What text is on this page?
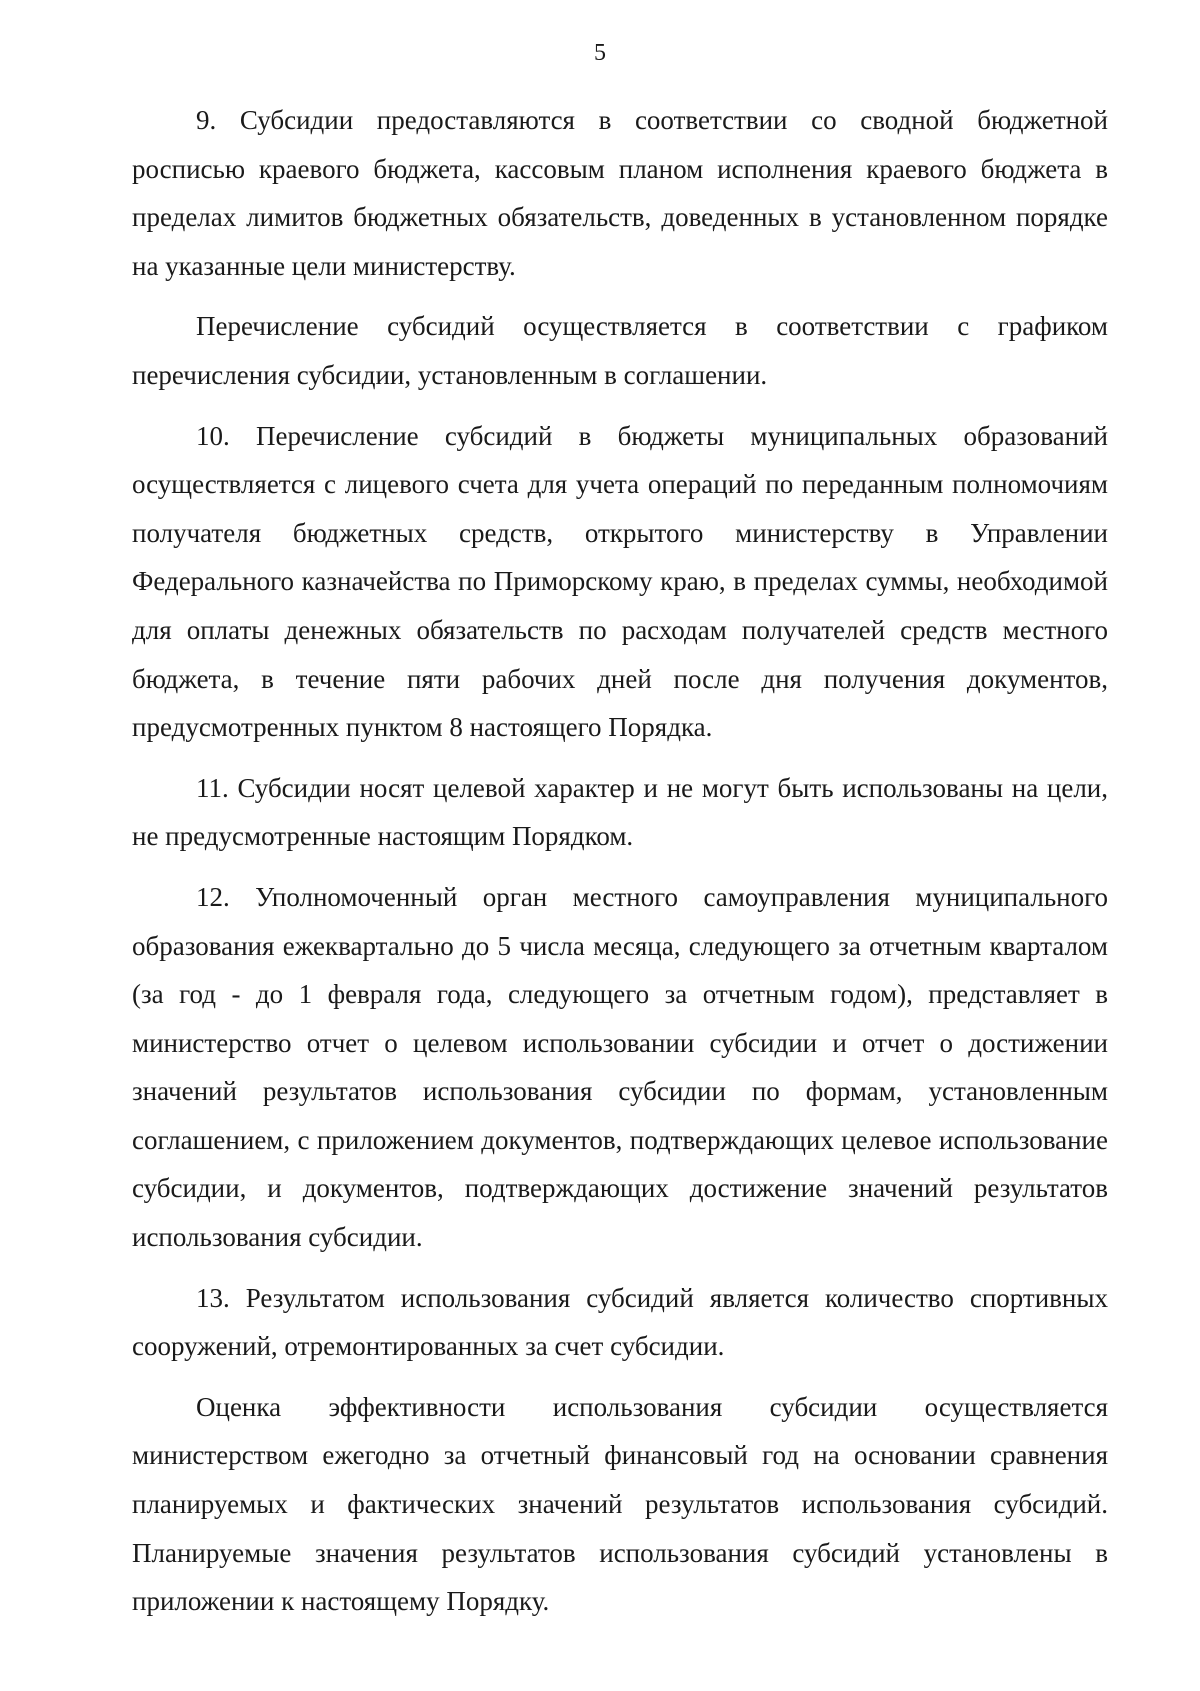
5

9. Субсидии предоставляются в соответствии со сводной бюджетной росписью краевого бюджета, кассовым планом исполнения краевого бюджета в пределах лимитов бюджетных обязательств, доведенных в установленном порядке на указанные цели министерству.

Перечисление субсидий осуществляется в соответствии с графиком перечисления субсидии, установленным в соглашении.

10. Перечисление субсидий в бюджеты муниципальных образований осуществляется с лицевого счета для учета операций по переданным полномочиям получателя бюджетных средств, открытого министерству в Управлении Федерального казначейства по Приморскому краю, в пределах суммы, необходимой для оплаты денежных обязательств по расходам получателей средств местного бюджета, в течение пяти рабочих дней после дня получения документов, предусмотренных пунктом 8 настоящего Порядка.

11. Субсидии носят целевой характер и не могут быть использованы на цели, не предусмотренные настоящим Порядком.

12. Уполномоченный орган местного самоуправления муниципального образования ежеквартально до 5 числа месяца, следующего за отчетным кварталом (за год - до 1 февраля года, следующего за отчетным годом), представляет в министерство отчет о целевом использовании субсидии и отчет о достижении значений результатов использования субсидии по формам, установленным соглашением, с приложением документов, подтверждающих целевое использование субсидии, и документов, подтверждающих достижение значений результатов использования субсидии.

13. Результатом использования субсидий является количество спортивных сооружений, отремонтированных за счет субсидии.

Оценка эффективности использования субсидии осуществляется министерством ежегодно за отчетный финансовый год на основании сравнения планируемых и фактических значений результатов использования субсидий. Планируемые значения результатов использования субсидий установлены в приложении к настоящему Порядку.
